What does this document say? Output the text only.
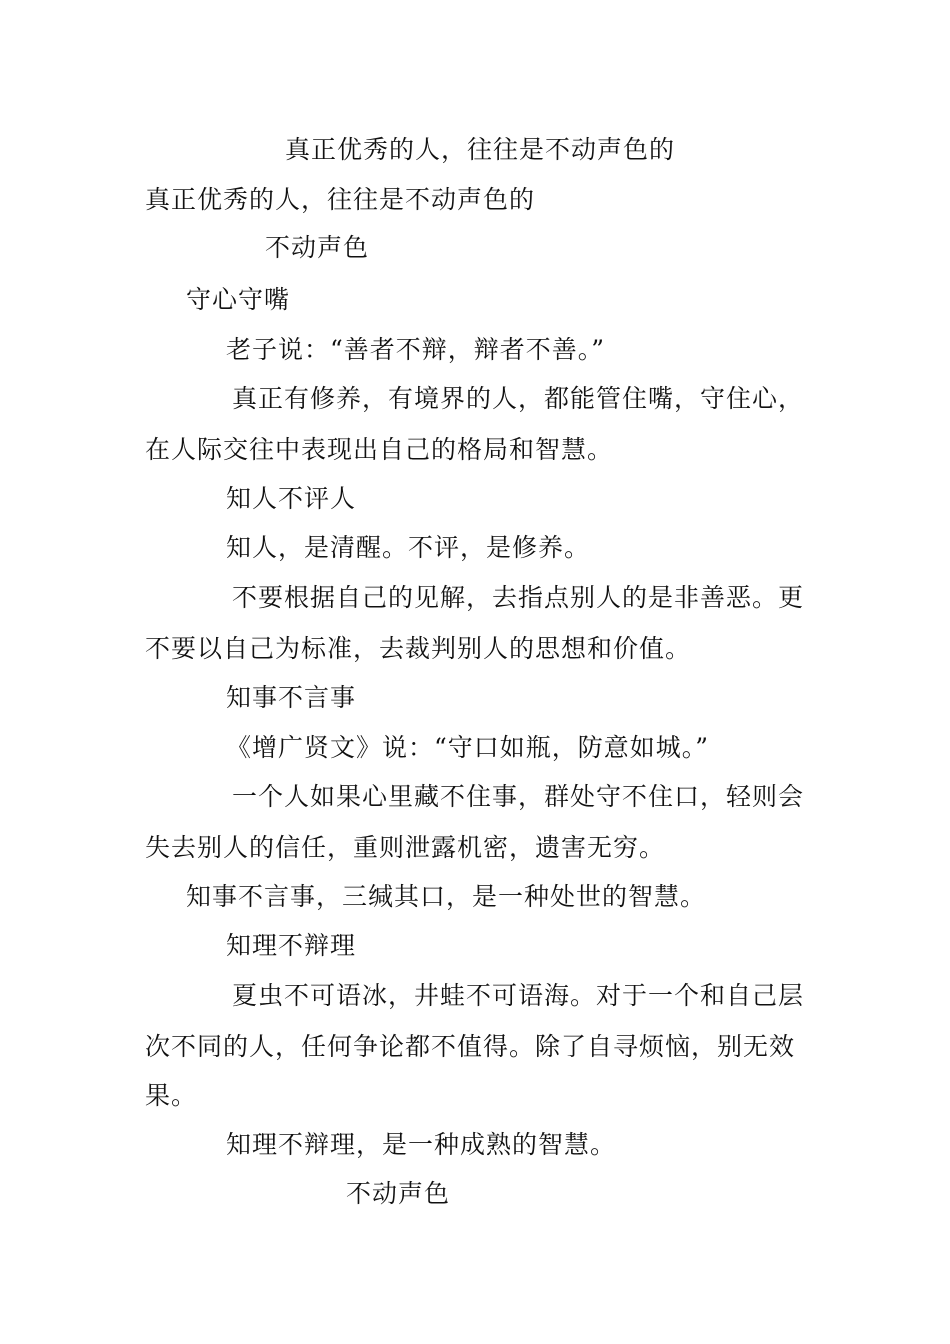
真正优秀的人，往往是不动声色的
真正优秀的人，往往是不动声色的
不动声色
守心守嘴
老子说：“善者不辩，辩者不善。”
真正有修养，有境界的人，都能管住嘴，守住心，
在人际交往中表现出自己的格局和智慧。
知人不评人
知人，是清醒。不评，是修养。
不要根据自己的见解，去指点别人的是非善恶。更
不要以自己为标准，去裁判别人的思想和价值。
知事不言事
《增广贤文》说：“守口如瓶，防意如城。”
一个人如果心里藏不住事，群处守不住口，轻则会
失去别人的信任，重则泄露机密，遗害无穷。
知事不言事，三缄其口，是一种处世的智慧。
知理不辩理
夏虫不可语冰，井蛙不可语海。对于一个和自己层
次不同的人，任何争论都不值得。除了自寻烦恼，别无效
果。
知理不辩理，是一种成熟的智慧。
不动声色
